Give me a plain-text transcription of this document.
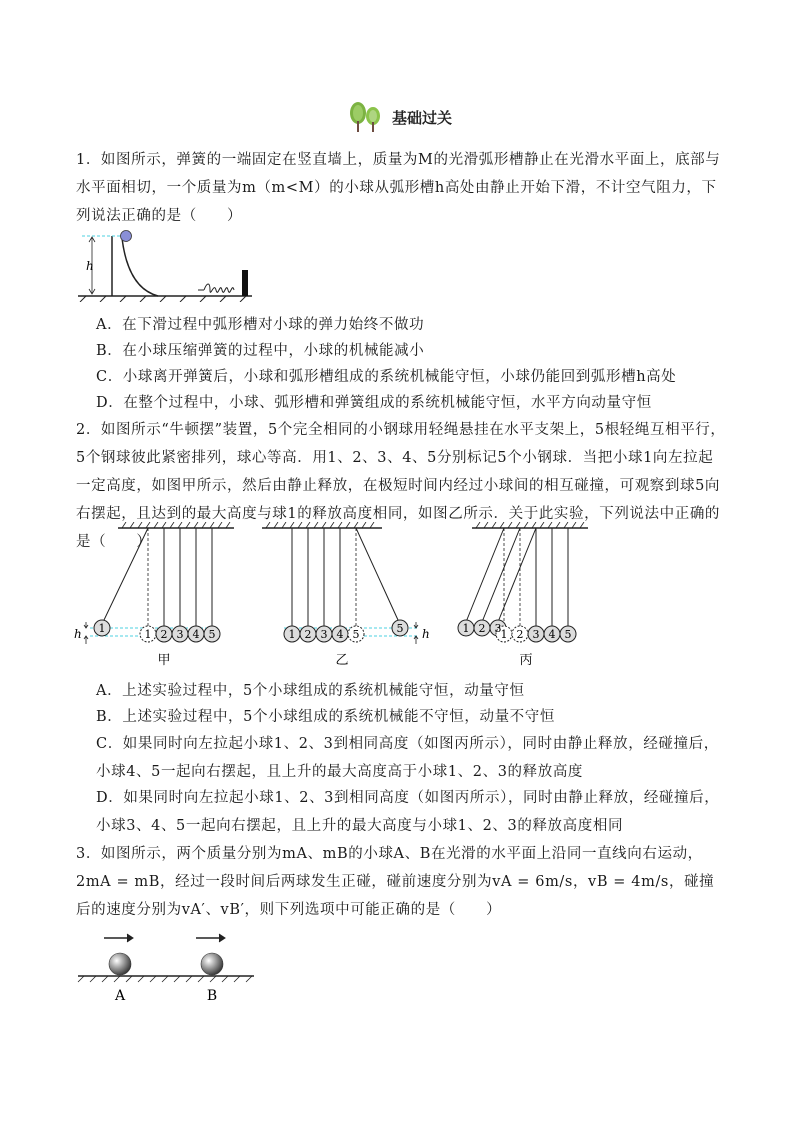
基础过关
1．如图所示，弹簧的一端固定在竖直墙上，质量为M的光滑弧形槽静止在光滑水平面上，底部与水平面相切，一个质量为m（m<M）的小球从弧形槽h高处由静止开始下滑，不计空气阻力，下列说法正确的是（　　）
h
A．在下滑过程中弧形槽对小球的弹力始终不做功
B．在小球压缩弹簧的过程中，小球的机械能减小
C．小球离开弹簧后，小球和弧形槽组成的系统机械能守恒，小球仍能回到弧形槽h高处
D．在整个过程中，小球、弧形槽和弹簧组成的系统机械能守恒，水平方向动量守恒
2．如图所示“牛顿摆”装置，5个完全相同的小钢球用轻绳悬挂在水平支架上，5根轻绳互相平行，5个钢球彼此紧密排列，球心等高．用1、2、3、4、5分别标记5个小钢球．当把小球1向左拉起一定高度，如图甲所示，然后由静止释放，在极短时间内经过小球间的相互碰撞，可观察到球5向右摆起，且达到的最大高度与球1的释放高度相同，如图乙所示．关于此实验，下列说法中正确的是（　　）
1	1 2 3 4 5
h
甲
1 2 3 4 5	5 h
乙
1 2 3 1 2 3 4 5
丙
A．上述实验过程中，5个小球组成的系统机械能守恒，动量守恒
B．上述实验过程中，5个小球组成的系统机械能不守恒，动量不守恒
C．如果同时向左拉起小球1、2、3到相同高度（如图丙所示），同时由静止释放，经碰撞后，小球4、5一起向右摆起，且上升的最大高度高于小球1、2、3的释放高度
D．如果同时向左拉起小球1、2、3到相同高度（如图丙所示），同时由静止释放，经碰撞后，小球3、4、5一起向右摆起，且上升的最大高度与小球1、2、3的释放高度相同
3．如图所示，两个质量分别为mA、mB的小球A、B在光滑的水平面上沿同一直线向右运动，2mA = mB，经过一段时间后两球发生正碰，碰前速度分别为vA = 6m/s，vB = 4m/s，碰撞后的速度分别为vA′、vB′，则下列选项中可能正确的是（　　）
A	B
